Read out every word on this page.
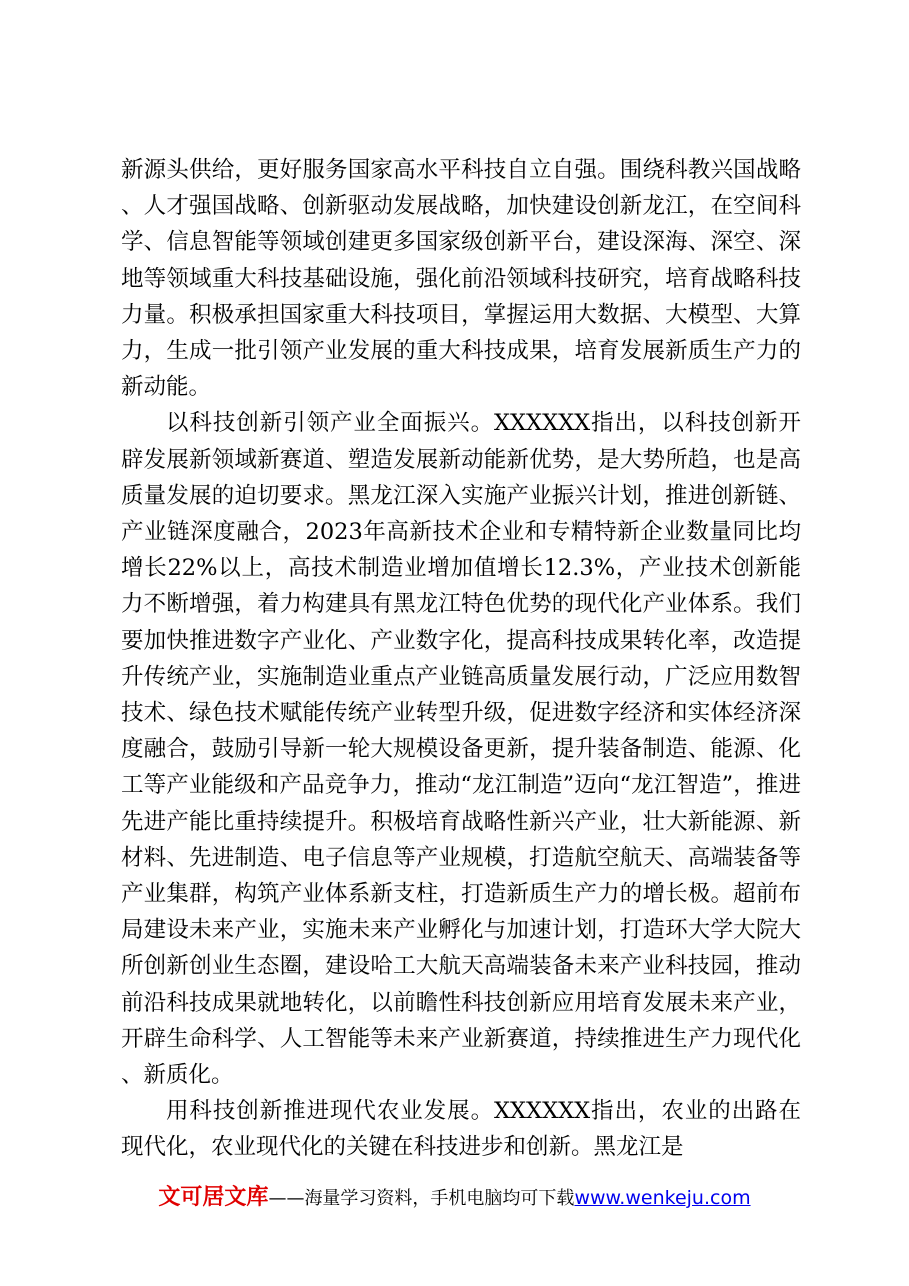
新源头供给，更好服务国家高水平科技自立自强。围绕科教兴国战略、人才强国战略、创新驱动发展战略，加快建设创新龙江，在空间科学、信息智能等领域创建更多国家级创新平台，建设深海、深空、深地等领域重大科技基础设施，强化前沿领域科技研究，培育战略科技力量。积极承担国家重大科技项目，掌握运用大数据、大模型、大算力，生成一批引领产业发展的重大科技成果，培育发展新质生产力的新动能。

以科技创新引领产业全面振兴。XXXXXX指出，以科技创新开辟发展新领域新赛道、塑造发展新动能新优势，是大势所趋，也是高质量发展的迫切要求。黑龙江深入实施产业振兴计划，推进创新链、产业链深度融合，2023年高新技术企业和专精特新企业数量同比均增长22%以上，高技术制造业增加值增长12.3%，产业技术创新能力不断增强，着力构建具有黑龙江特色优势的现代化产业体系。我们要加快推进数字产业化、产业数字化，提高科技成果转化率，改造提升传统产业，实施制造业重点产业链高质量发展行动，广泛应用数智技术、绿色技术赋能传统产业转型升级，促进数字经济和实体经济深度融合，鼓励引导新一轮大规模设备更新，提升装备制造、能源、化工等产业能级和产品竞争力，推动“龙江制造”迈向“龙江智造”，推进先进产能比重持续提升。积极培育战略性新兴产业，壮大新能源、新材料、先进制造、电子信息等产业规模，打造航空航天、高端装备等产业集群，构筑产业体系新支柱，打造新质生产力的增长极。超前布局建设未来产业，实施未来产业孵化与加速计划，打造环大学大院大所创新创业生态圈，建设哈工大航天高端装备未来产业科技园，推动前沿科技成果就地转化，以前瞻性科技创新应用培育发展未来产业，开辟生命科学、人工智能等未来产业新赛道，持续推进生产力现代化、新质化。

用科技创新推进现代农业发展。XXXXXX指出，农业的出路在现代化，农业现代化的关键在科技进步和创新。黑龙江是

文可居文库——海量学习资料，手机电脑均可下载www.wenkeju.com
